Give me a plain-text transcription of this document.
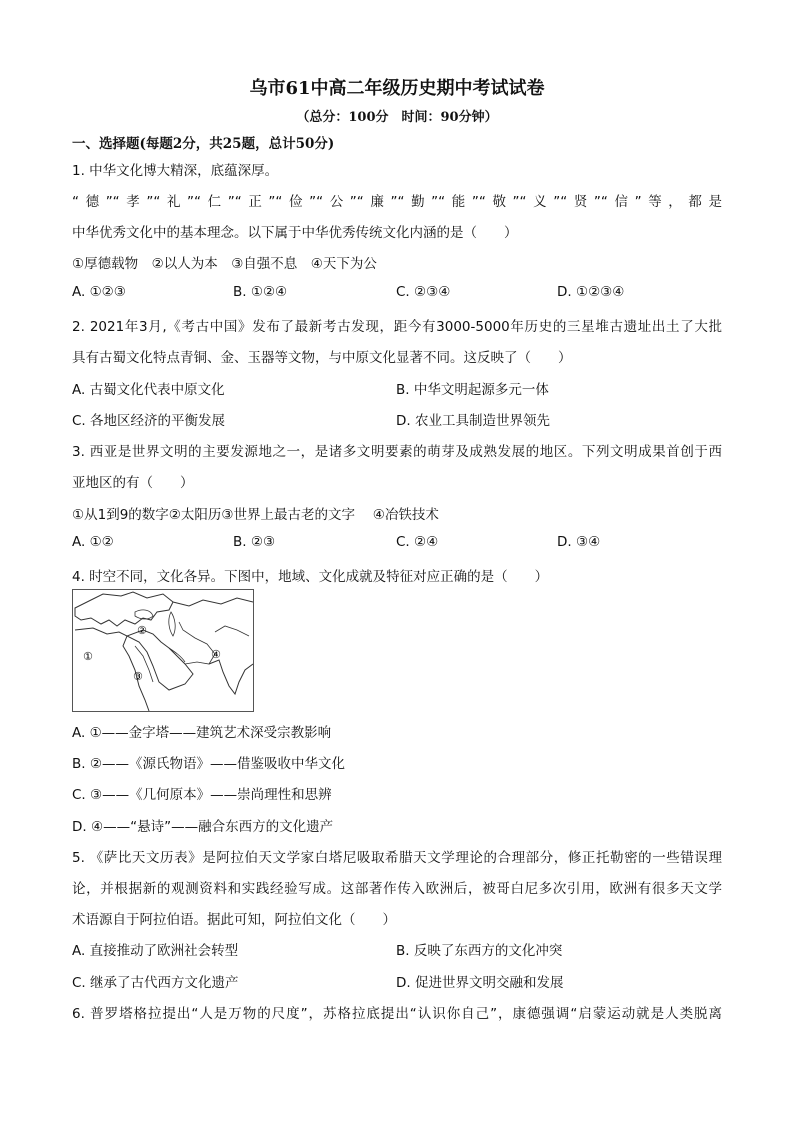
乌市61中高二年级历史期中考试试卷
（总分：100分　时间：90分钟）
一、选择题(每题2分，共25题，总计50分)
1. 中华文化博大精深，底蕴深厚。
“德”“孝”“礼”“仁”“正”“俭”“公”“廉”“勤”“能”“敬”“义”“贤”“信”等，都是
中华优秀文化中的基本理念。以下属于中华优秀传统文化内涵的是（　　）
①厚德载物　②以人为本　③自强不息　④天下为公
A. ①②③	B. ①②④	C. ②③④	D. ①②③④
2. 2021年3月,《考古中国》发布了最新考古发现，距今有3000-5000年历史的三星堆古遗址出土了大批
具有古蜀文化特点青铜、金、玉器等文物，与中原文化显著不同。这反映了（　　）
A. 古蜀文化代表中原文化	B. 中华文明起源多元一体
C. 各地区经济的平衡发展	D. 农业工具制造世界领先
3. 西亚是世界文明的主要发源地之一，是诸多文明要素的萌芽及成熟发展的地区。下列文明成果首创于西
亚地区的有（　　）
①从1到9的数字②太阳历③世界上最古老的文字　 ④冶铁技术
A. ①②	B. ②③	C. ②④	D. ③④
4. 时空不同，文化各异。下图中，地域、文化成就及特征对应正确的是（　　）
①
②
③
④
A. ①——金字塔——建筑艺术深受宗教影响
B. ②——《源氏物语》——借鉴吸收中华文化
C. ③——《几何原本》——崇尚理性和思辨
D. ④——“悬诗”——融合东西方的文化遗产
5. 《萨比天文历表》是阿拉伯天文学家白塔尼吸取希腊天文学理论的合理部分，修正托勒密的一些错误理
论，并根据新的观测资料和实践经验写成。这部著作传入欧洲后，被哥白尼多次引用，欧洲有很多天文学
术语源自于阿拉伯语。据此可知，阿拉伯文化（　　）
A. 直接推动了欧洲社会转型	B. 反映了东西方的文化冲突
C. 继承了古代西方文化遗产	D. 促进世界文明交融和发展
6. 普罗塔格拉提出“人是万物的尺度”，苏格拉底提出“认识你自己”，康德强调“启蒙运动就是人类脱离
